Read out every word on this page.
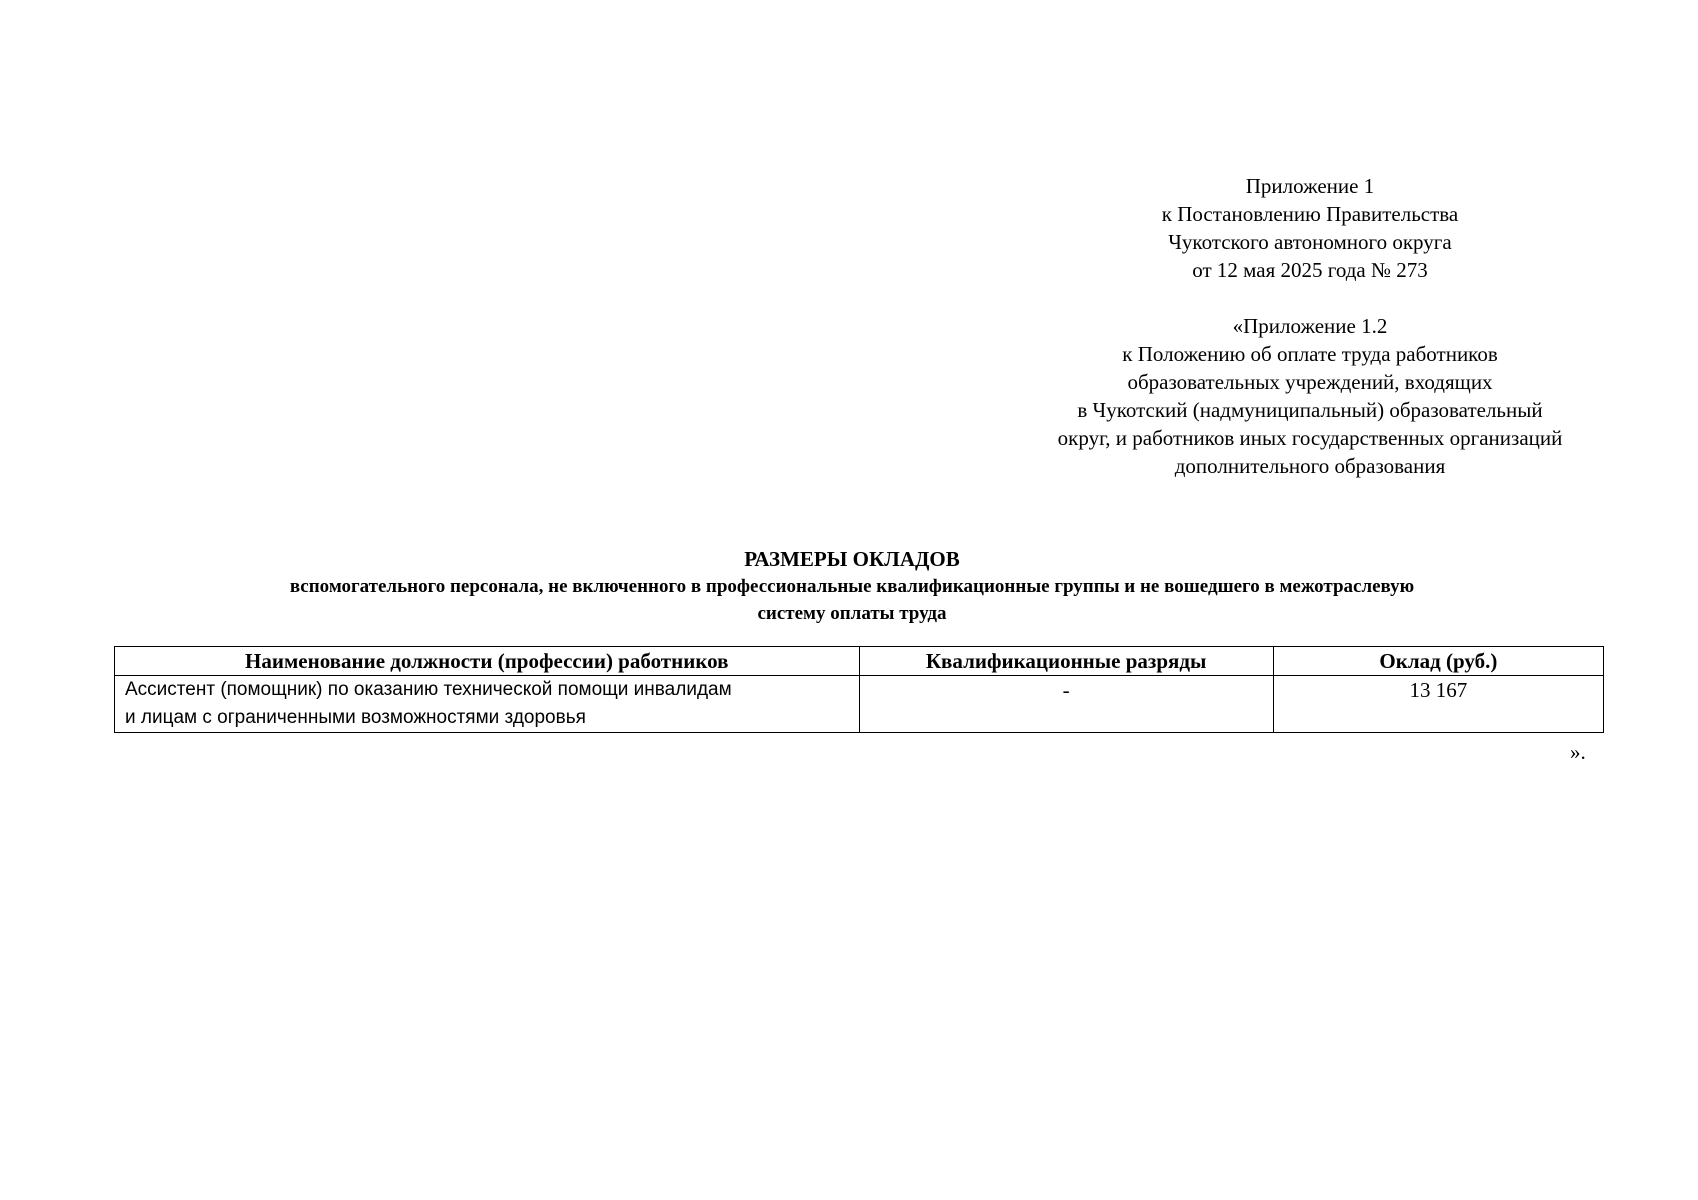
Приложение 1
к Постановлению Правительства
Чукотского автономного округа
от 12 мая 2025 года № 273
«Приложение 1.2
к Положению об оплате труда работников
образовательных учреждений, входящих
в Чукотский (надмуниципальный) образовательный
округ, и работников иных государственных организаций
дополнительного образования
РАЗМЕРЫ ОКЛАДОВ
вспомогательного персонала, не включенного в профессиональные квалификационные группы и не вошедшего в межотраслевую
систему оплаты труда
Наименование должности (профессии) работников	Квалификационные разряды	Оклад (руб.)

Ассистент (помощник) по оказанию технической помощи инвалидам
и лицам с ограниченными возможностями здоровья	-	13 167
».
